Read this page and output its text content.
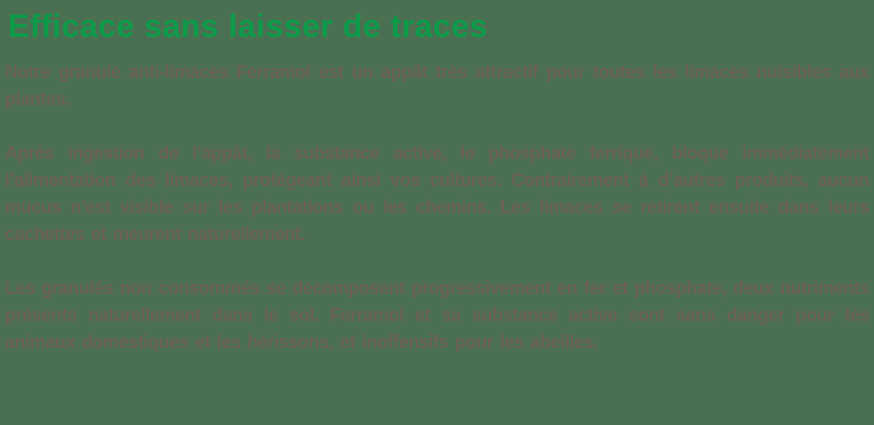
Efficace sans laisser de traces

Notre granulé anti-limaces Ferramol est un appât très attractif pour toutes les limaces nuisibles aux plantes.

Après ingestion de l’appât, la substance active, le phosphate ferrique, bloque immédiatement l’alimentation des limaces, protégeant ainsi vos cultures. Contrairement à d’autres produits, aucun mucus n’est visible sur les plantations ou les chemins. Les limaces se retirent ensuite dans leurs cachettes et meurent naturellement.

Les granulés non consommés se décomposent progressivement en fer et phosphate, deux nutriments présents naturellement dans le sol. Ferramol et sa substance active sont sans danger pour les animaux domestiques et les hérissons, et inoffensifs pour les abeilles.
